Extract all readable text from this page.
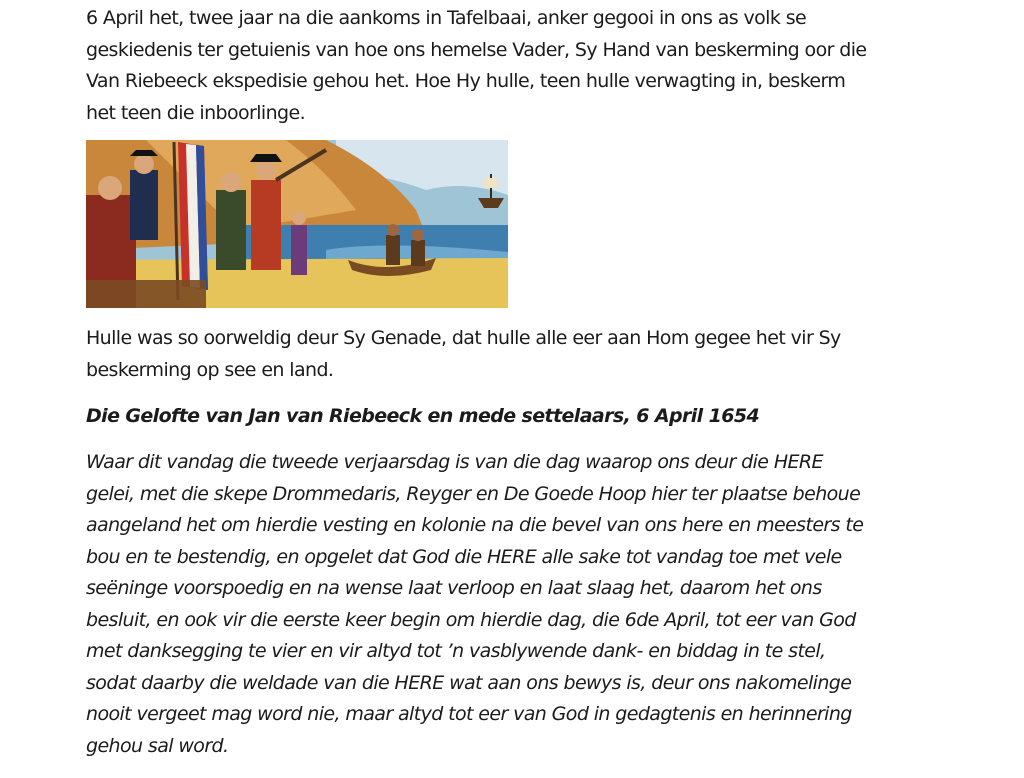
6 April het, twee jaar na die aankoms in Tafelbaai, anker gegooi in ons as volk se
geskiedenis ter getuienis van hoe ons hemelse Vader, Sy Hand van beskerming oor die
Van Riebeeck ekspedisie gehou het. Hoe Hy hulle, teen hulle verwagting in, beskerm
het teen die inboorlinge.
Hulle was so oorweldig deur Sy Genade, dat hulle alle eer aan Hom gegee het vir Sy
beskerming op see en land.
Die Gelofte van Jan van Riebeeck en mede settelaars, 6 April 1654
Waar dit vandag die tweede verjaarsdag is van die dag waarop ons deur die HERE
gelei, met die skepe Drommedaris, Reyger en De Goede Hoop hier ter plaatse behoue
aangeland het om hierdie vesting en kolonie na die bevel van ons here en meesters te
bou en te bestendig, en opgelet dat God die HERE alle sake tot vandag toe met vele
seëninge voorspoedig en na wense laat verloop en laat slaag het, daarom het ons
besluit, en ook vir die eerste keer begin om hierdie dag, die 6de April, tot eer van God
met danksegging te vier en vir altyd tot ’n vasblywende dank- en biddag in te stel,
sodat daarby die weldade van die HERE wat aan ons bewys is, deur ons nakomelinge
nooit vergeet mag word nie, maar altyd tot eer van God in gedagtenis en herinnering
gehou sal word.
